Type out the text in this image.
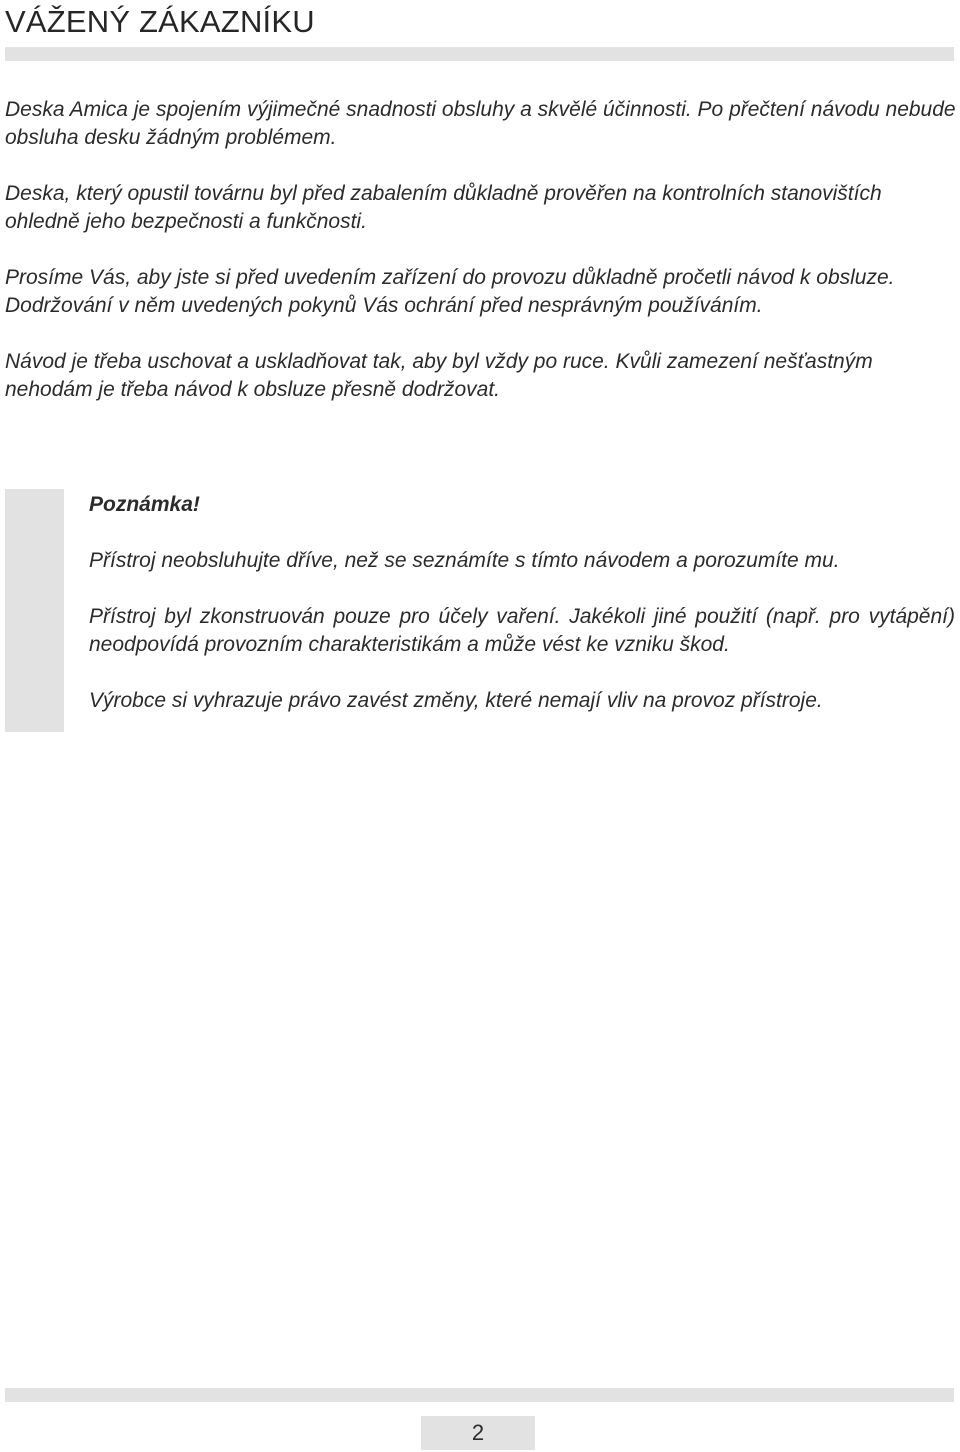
VÁŽENÝ ZÁKAZNÍKU

Deska Amica je spojením výjimečné snadnosti obsluhy a skvělé účinnosti. Po přečtení návodu nebude obsluha desku žádným problémem.

Deska, který opustil továrnu byl před zabalením důkladně prověřen na kontrolních stanovištích ohledně jeho bezpečnosti a funkčnosti.

Prosíme Vás, aby jste si před uvedením zařízení do provozu důkladně pročetli návod k obsluze. Dodržování v něm uvedených pokynů Vás ochrání před nesprávným používáním.

Návod je třeba uschovat a uskladňovat tak, aby byl vždy po ruce. Kvůli zamezení nešťastným nehodám je třeba návod k obsluze přesně dodržovat.

Poznámka!

Přístroj neobsluhujte dříve, než se seznámíte s tímto návodem a porozumíte mu.

Přístroj byl zkonstruován pouze pro účely vaření. Jakékoli jiné použití (např. pro vytápění) neodpovídá provozním charakteristikám a může vést ke vzniku škod.

Výrobce si vyhrazuje právo zavést změny, které nemají vliv na provoz přístroje.

2
